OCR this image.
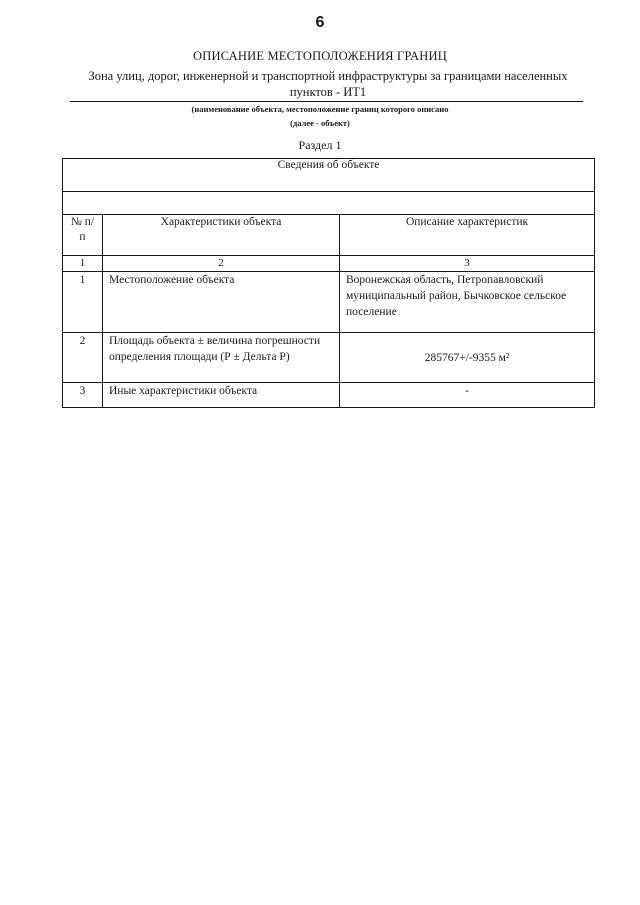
6
ОПИСАНИЕ МЕСТОПОЛОЖЕНИЯ ГРАНИЦ
Зона улиц, дорог, инженерной и транспортной инфраструктуры за границами населенных пунктов - ИТ1
(наименование объекта, местоположение границ которого описано
(далее - объект)
Раздел 1
Сведения об объекте		

№ п/п	Характеристики объекта	Описание характеристик
1	2	3
1	Местоположение объекта	Воронежская область, Петропавловский муниципальный район, Бычковское сельское поселение
2	Площадь объекта ± величина погрешности определения площади (Р ± Дельта Р)	285767+/-9355 м²
3	Иные характеристики объекта	-
